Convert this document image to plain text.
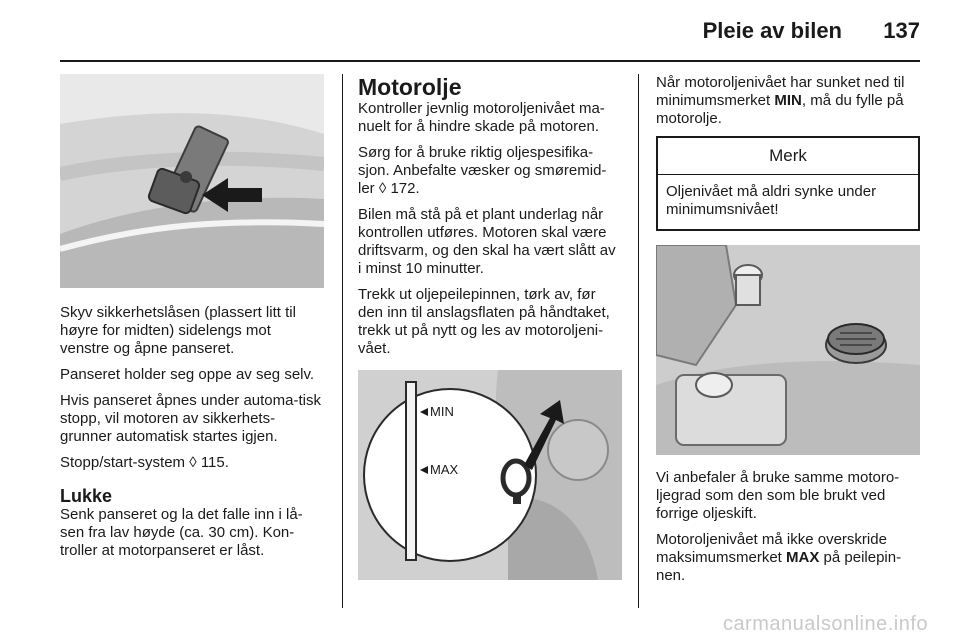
Pleie av bilen 137

Skyv sikkerhetslåsen (plassert litt til høyre for midten) sidelengs mot venstre og åpne panseret.

Panseret holder seg oppe av seg selv.

Hvis panseret åpnes under automa-tisk stopp, vil motoren av sikkerhets-grunner automatisk startes igjen.

Stopp/start-system ◊ 115.

Lukke

Senk panseret og la det falle inn i lå-sen fra lav høyde (ca. 30 cm). Kon-troller at motorpanseret er låst.

Motorolje

Kontroller jevnlig motoroljenivået ma-nuelt for å hindre skade på motoren.

Sørg for å bruke riktig oljespesifika-sjon. Anbefalte væsker og smøremid-ler ◊ 172.

Bilen må stå på et plant underlag når kontrollen utføres. Motoren skal være driftsvarm, og den skal ha vært slått av i minst 10 minutter.

Trekk ut oljepeilepinnen, tørk av, før den inn til anslagsflaten på håndtaket, trekk ut på nytt og les av motoroljeni-vået.

MIN
MAX

Når motoroljenivået har sunket ned til minimumsmerket MIN, må du fylle på motorolje.

Merk
Oljenivået må aldri synke under minimumsnivået!

Vi anbefaler å bruke samme motoro-ljegrad som den som ble brukt ved forrige oljeskift.

Motoroljenivået må ikke overskride maksimumsmerket MAX på peilepin-nen.

carmanualsonline.info
